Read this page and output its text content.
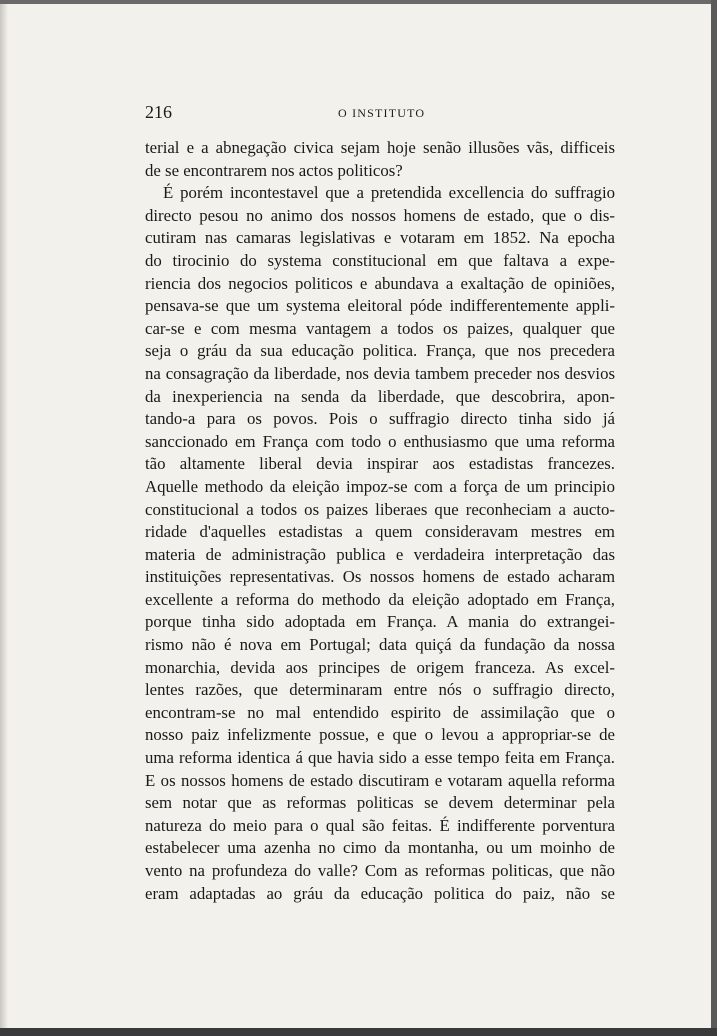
216	O INSTITUTO
terial e a abnegação civica sejam hoje senão illusões vãs, difficeis
de se encontrarem nos actos politicos?
É porém incontestavel que a pretendida excellencia do suffragio
directo pesou no animo dos nossos homens de estado, que o dis-
cutiram nas camaras legislativas e votaram em 1852. Na epocha
do tirocinio do systema constitucional em que faltava a expe-
riencia dos negocios politicos e abundava a exaltação de opiniões,
pensava-se que um systema eleitoral póde indifferentemente appli-
car-se e com mesma vantagem a todos os paizes, qualquer que
seja o gráu da sua educação politica. França, que nos precedera
na consagração da liberdade, nos devia tambem preceder nos desvios
da inexperiencia na senda da liberdade, que descobrira, apon-
tando-a para os povos. Pois o suffragio directo tinha sido já
sanccionado em França com todo o enthusiasmo que uma reforma
tão altamente liberal devia inspirar aos estadistas francezes.
Aquelle methodo da eleição impoz-se com a força de um principio
constitucional a todos os paizes liberaes que reconheciam a aucto-
ridade d'aquelles estadistas a quem consideravam mestres em
materia de administração publica e verdadeira interpretação das
instituições representativas. Os nossos homens de estado acharam
excellente a reforma do methodo da eleição adoptado em França,
porque tinha sido adoptada em França. A mania do extrangei-
rismo não é nova em Portugal; data quiçá da fundação da nossa
monarchia, devida aos principes de origem franceza. As excel-
lentes razões, que determinaram entre nós o suffragio directo,
encontram-se no mal entendido espirito de assimilação que o
nosso paiz infelizmente possue, e que o levou a appropriar-se de
uma reforma identica á que havia sido a esse tempo feita em França.
E os nossos homens de estado discutiram e votaram aquella reforma
sem notar que as reformas politicas se devem determinar pela
natureza do meio para o qual são feitas. É indifferente porventura
estabelecer uma azenha no cimo da montanha, ou um moinho de
vento na profundeza do valle? Com as reformas politicas, que não
eram adaptadas ao gráu da educação politica do paiz, não se
